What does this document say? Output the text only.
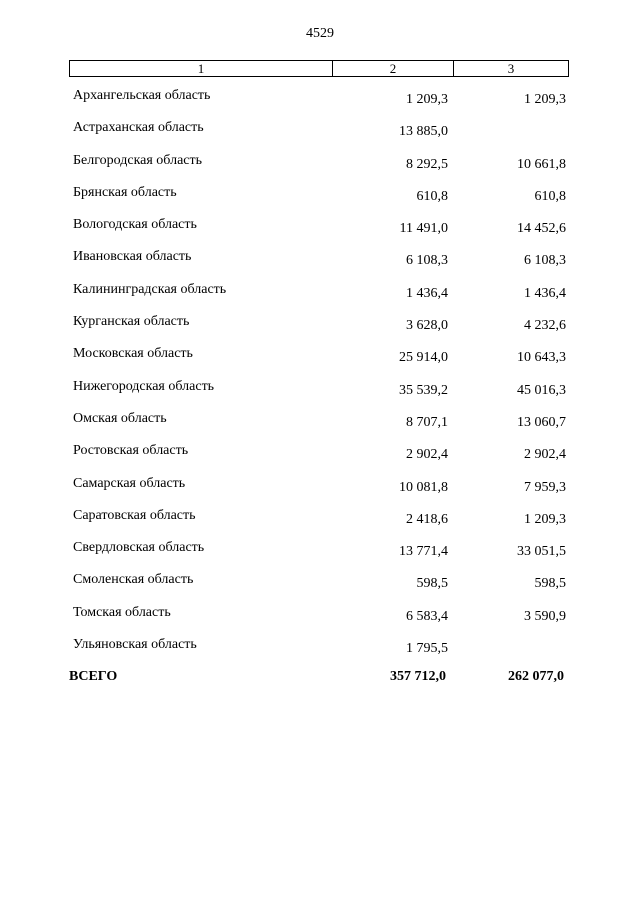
4529
1	2	3
Архангельская область	1 209,3	1 209,3
Астраханская область	13 885,0
Белгородская область	8 292,5	10 661,8
Брянская область	610,8	610,8
Вологодская область	11 491,0	14 452,6
Ивановская область	6 108,3	6 108,3
Калининградская область	1 436,4	1 436,4
Курганская область	3 628,0	4 232,6
Московская область	25 914,0	10 643,3
Нижегородская область	35 539,2	45 016,3
Омская область	8 707,1	13 060,7
Ростовская область	2 902,4	2 902,4
Самарская область	10 081,8	7 959,3
Саратовская область	2 418,6	1 209,3
Свердловская область	13 771,4	33 051,5
Смоленская область	598,5	598,5
Томская область	6 583,4	3 590,9
Ульяновская область	1 795,5
ВСЕГО	357 712,0	262 077,0
